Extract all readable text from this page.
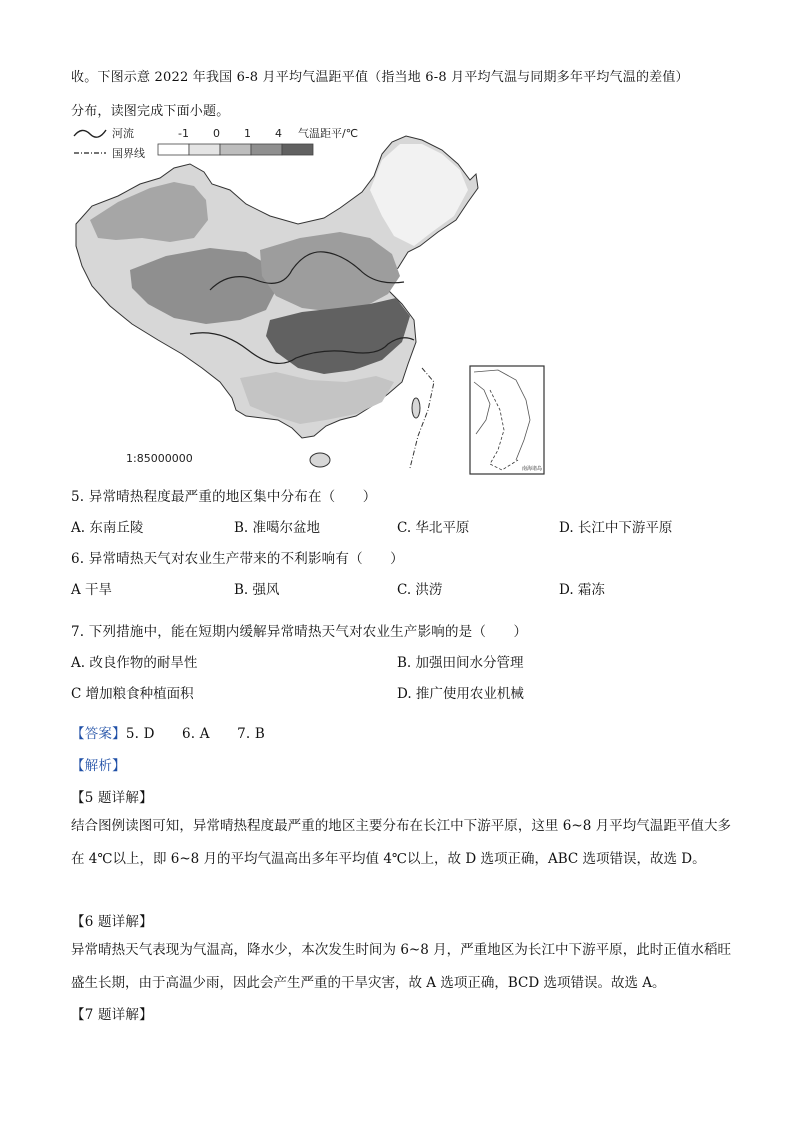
收。下图示意 2022 年我国 6-8 月平均气温距平值（指当地 6-8 月平均气温与同期多年平均气温的差值）
分布，读图完成下面小题。
河流
国界线
-1 0 1 4 气温距平/℃
南海诸岛
1:85000000
5. 异常晴热程度最严重的地区集中分布在（　　）
A. 东南丘陵	B. 准噶尔盆地	C. 华北平原	D. 长江中下游平原
6. 异常晴热天气对农业生产带来的不利影响有（　　）
A 干旱	B. 强风	C. 洪涝	D. 霜冻
7. 下列措施中，能在短期内缓解异常晴热天气对农业生产影响的是（　　）
A. 改良作物的耐旱性	B. 加强田间水分管理
C 增加粮食种植面积	D. 推广使用农业机械
【答案】5. D　　6. A　　7. B
【解析】
【5 题详解】
结合图例读图可知，异常晴热程度最严重的地区主要分布在长江中下游平原，这里 6~8 月平均气温距平值大多在 4℃以上，即 6~8 月的平均气温高出多年平均值 4℃以上，故 D 选项正确，ABC 选项错误，故选 D。
【6 题详解】
异常晴热天气表现为气温高，降水少，本次发生时间为 6~8 月，严重地区为长江中下游平原，此时正值水稻旺盛生长期，由于高温少雨，因此会产生严重的干旱灾害，故 A 选项正确，BCD 选项错误。故选 A。
【7 题详解】
